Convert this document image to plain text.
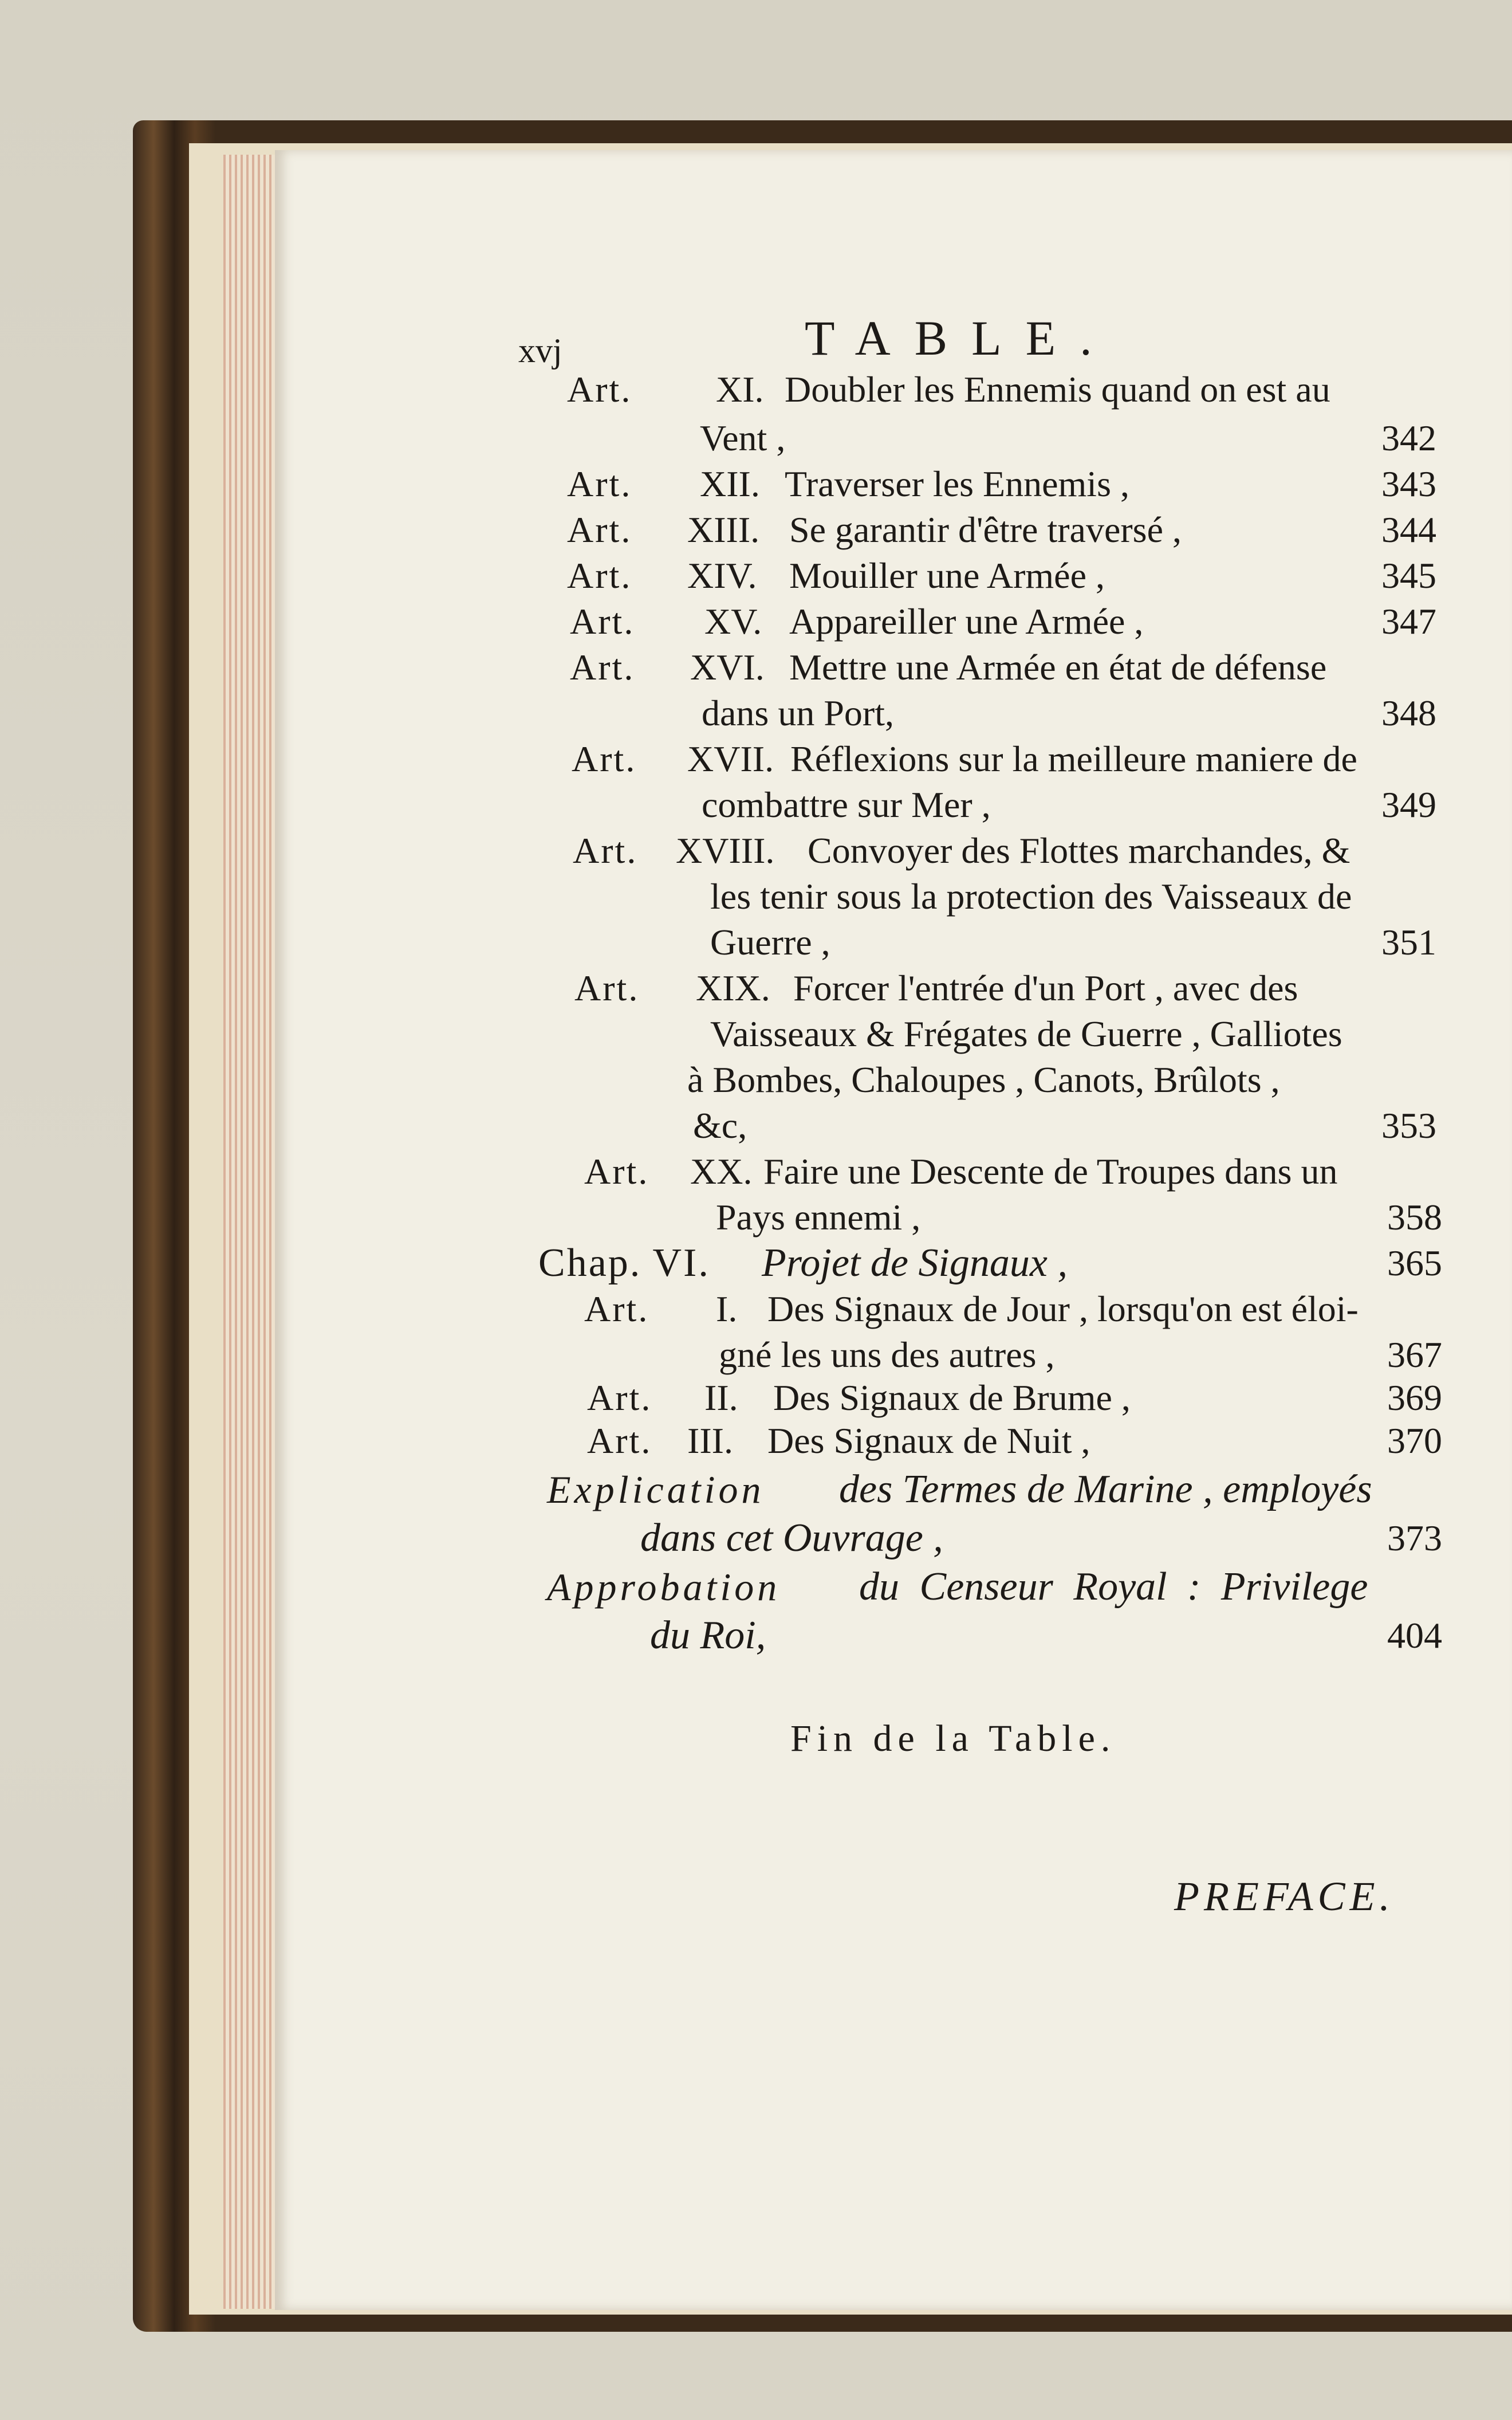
xvj	TABLE.
Art. XI. Doubler les Ennemis quand on est au
Vent ,	342
Art. XII. Traverser les Ennemis ,	343
Art. XIII. Se garantir d'être traversé ,	344
Art. XIV. Mouiller une Armée ,	345
Art. XV. Appareiller une Armée ,	347
Art. XVI. Mettre une Armée en état de défense
dans un Port,	348
Art. XVII. Réflexions sur la meilleure maniere de
combattre sur Mer ,	349
Art. XVIII. Convoyer des Flottes marchandes, &
les tenir sous la protection des Vaisseaux de
Guerre ,	351
Art. XIX. Forcer l'entrée d'un Port , avec des
Vaisseaux & Frégates de Guerre , Galliotes
à Bombes, Chaloupes , Canots, Brûlots ,
&c,	353
Art. XX. Faire une Descente de Troupes dans un
Pays ennemi ,	358
Chap. VI. Projet de Signaux ,	365
Art. I. Des Signaux de Jour , lorsqu'on est éloi-
gné les uns des autres ,	367
Art. II. Des Signaux de Brume ,	369
Art. III. Des Signaux de Nuit ,	370
Explication des Termes de Marine , employés
dans cet Ouvrage ,	373
Approbation du Censeur Royal : Privilege
du Roi,	404
Fin de la Table.
PREFACE.
